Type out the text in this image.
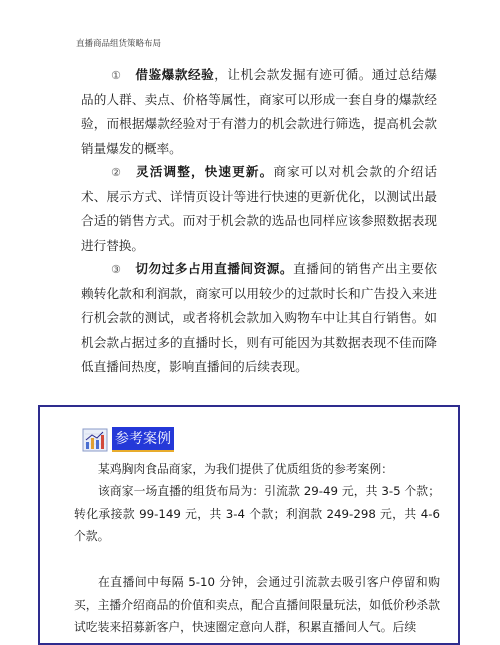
直播商品组货策略布局
① 借鉴爆款经验，让机会款发掘有迹可循。通过总结爆品的人群、卖点、价格等属性，商家可以形成一套自身的爆款经验，而根据爆款经验对于有潜力的机会款进行筛选，提高机会款销量爆发的概率。
② 灵活调整，快速更新。商家可以对机会款的介绍话术、展示方式、详情页设计等进行快速的更新优化，以测试出最合适的销售方式。而对于机会款的选品也同样应该参照数据表现进行替换。
③ 切勿过多占用直播间资源。直播间的销售产出主要依赖转化款和利润款，商家可以用较少的过款时长和广告投入来进行机会款的测试，或者将机会款加入购物车中让其自行销售。如机会款占据过多的直播时长，则有可能因为其数据表现不佳而降低直播间热度，影响直播间的后续表现。
参考案例
某鸡胸肉食品商家，为我们提供了优质组货的参考案例：
该商家一场直播的组货布局为：引流款 29-49 元，共 3-5 个款；转化承接款 99-149 元，共 3-4 个款；利润款 249-298 元，共 4-6 个款。
在直播间中每隔 5-10 分钟，会通过引流款去吸引客户停留和购买，主播介绍商品的价值和卖点，配合直播间限量玩法，如低价秒杀款试吃装来招募新客户，快速圈定意向人群，积累直播间人气。后续
